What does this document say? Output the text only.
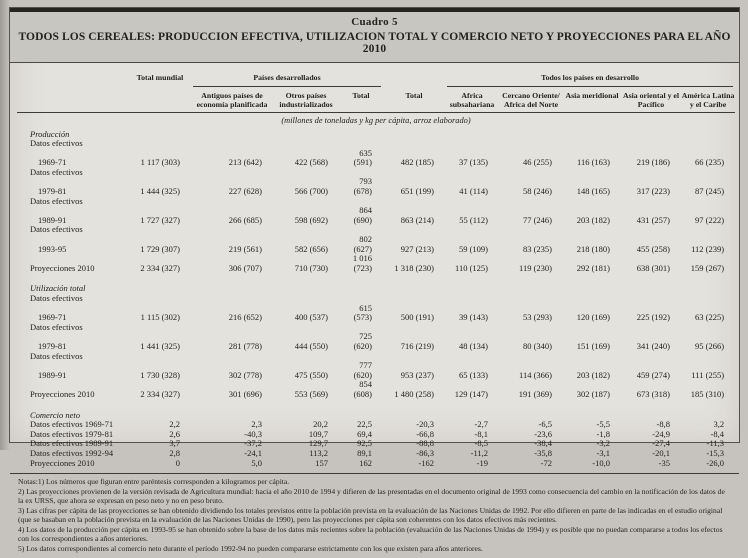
Cuadro 5
TODOS LOS CEREALES: PRODUCCION EFECTIVA, UTILIZACION TOTAL Y COMERCIO NETO Y PROYECCIONES PARA EL AÑO 2010
	Total mundial	Países desarrollados				Todos los países en desarrollo				

		Antiguos países de economía planificada	Otros países industrializados	Total	Total	Africa subsahariana	Cercano Oriente/ Africa del Norte	Asia meridional	Asia oriental y el Pacífico	América Latina y el Caribe
(millones de toneladas y kg per cápita, arroz elaborado)										
Producción										
Datos efectivos										
1969-71	1 117 (303)	213 (642)	422 (568)	635 (591)	482 (185)	37 (135)	46 (255)	116 (163)	219 (186)	66 (235)
Datos efectivos										
1979-81	1 444 (325)	227 (628)	566 (700)	793 (678)	651 (199)	41 (114)	58 (246)	148 (165)	317 (223)	87 (245)
Datos efectivos										
1989-91	1 727 (327)	266 (685)	598 (692)	864 (690)	863 (214)	55 (112)	77 (246)	203 (182)	431 (257)	97 (222)
Datos efectivos										
1993-95	1 729 (307)	219 (561)	582 (656)	802 (627)	927 (213)	59 (109)	83 (235)	218 (180)	455 (258)	112 (239)
Proyecciones 2010	2 334 (327)	306 (707)	710 (730)	1 016 (723)	1 318 (230)	110 (125)	119 (230)	292 (181)	638 (301)	159 (267)
Utilización total										
Datos efectivos										
1969-71	1 115 (302)	216 (652)	400 (537)	615 (573)	500 (191)	39 (143)	53 (293)	120 (169)	225 (192)	63 (225)
Datos efectivos										
1979-81	1 441 (325)	281 (778)	444 (550)	725 (620)	716 (219)	48 (134)	80 (340)	151 (169)	341 (240)	95 (266)
Datos efectivos										
1989-91	1 730 (328)	302 (778)	475 (550)	777 (620)	953 (237)	65 (133)	114 (366)	203 (182)	459 (274)	111 (255)
Proyecciones 2010	2 334 (327)	301 (696)	553 (569)	854 (608)	1 480 (258)	129 (147)	191 (369)	302 (187)	673 (318)	185 (310)
Comercio neto										
Datos efectivos 1969-71	2,2	2,3	20,2	22,5	-20,3	-2,7	-6,5	-5,5	-8,8	3,2
Datos efectivos 1979-81	2,6	-40,3	109,7	69,4	-66,8	-8,1	-23,6	-1,8	-24,9	-8,4
Datos efectivos 1989-91	3,7	-37,2	129,7	92,5	-88,8	-8,5	-38,4	-3,2	-27,4	-11,3
Datos efectivos 1992-94	2,8	-24,1	113,2	89,1	-86,3	-11,2	-35,8	-3,1	-20,1	-15,3
Proyecciones 2010	0	5,0	157	162	-162	-19	-72	-10,0	-35	-26,0
Notas:1) Los números que figuran entre paréntesis corresponden a kilogramos per cápita.
2) Las proyecciones provienen de la versión revisada de Agricultura mundial: hacia el año 2010 de 1994 y difieren de las presentadas en el documento original de 1993 como consecuencia del cambio en la notificación de los datos de la ex URSS, que ahora se expresan en peso neto y no en peso bruto.
3) Las cifras per cápita de las proyecciones se han obtenido dividiendo los totales previstos entre la población prevista en la evaluación de las Naciones Unidas de 1992. Por ello difieren en parte de las indicadas en el estudio original (que se basaban en la población prevista en la evaluación de las Naciones Unidas de 1990), pero las proyecciones per cápita son coherentes con los datos efectivos más recientes.
4) Los datos de la producción per cápita en 1993-95 se han obtenido sobre la base de los datos más recientes sobre la población (evaluación de las Naciones Unidas de 1994) y es posible que no puedan compararse a todos los efectos con los correspondientes a años anteriores.
5) Los datos correspondientes al comercio neto durante el período 1992-94 no pueden compararse estrictamente con los que existen para años anteriores.
